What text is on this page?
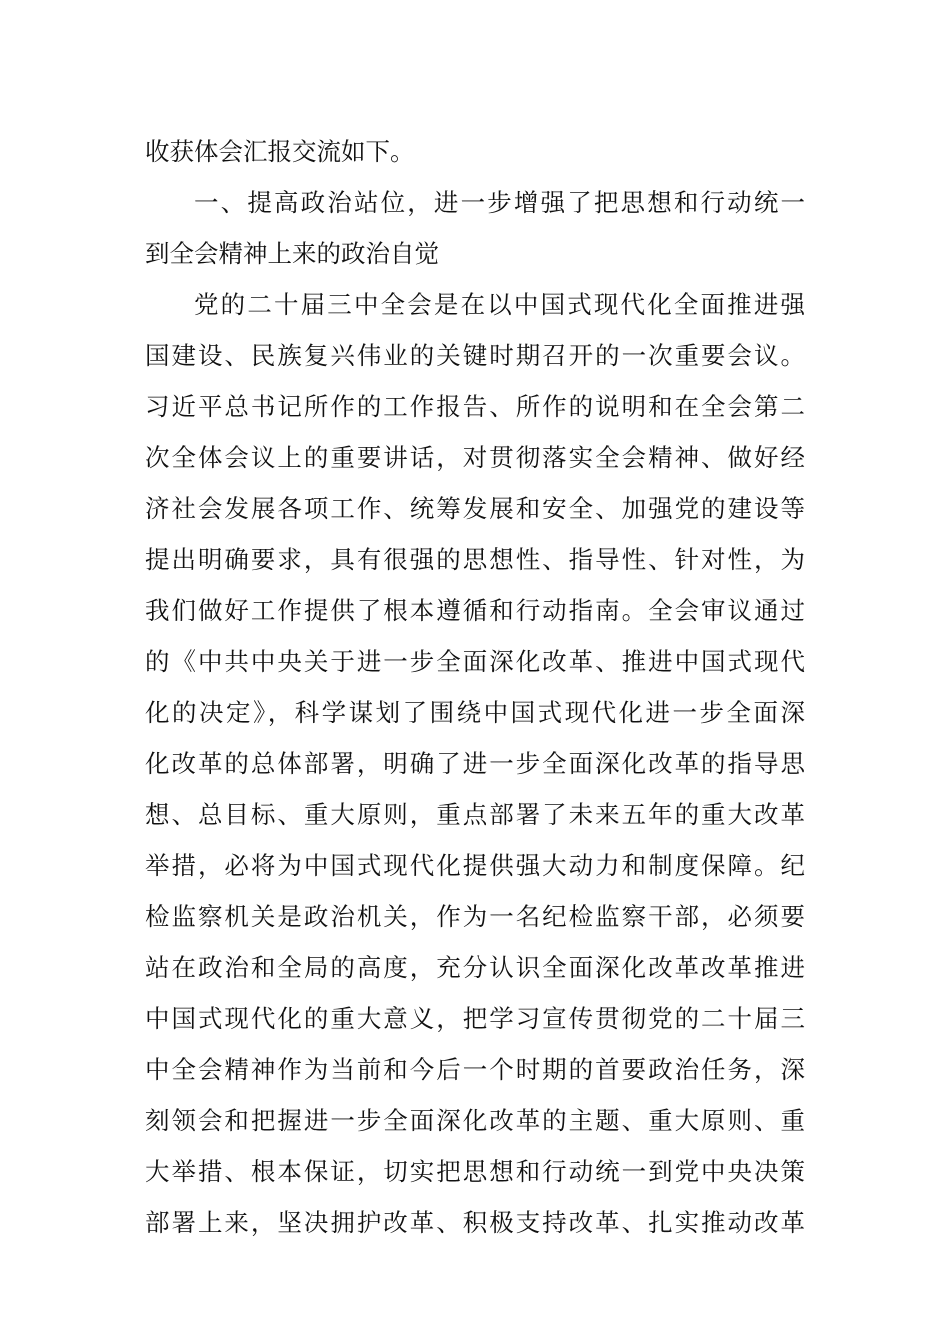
收获体会汇报交流如下。
一、提高政治站位，进一步增强了把思想和行动统一
到全会精神上来的政治自觉
党的二十届三中全会是在以中国式现代化全面推进强
国建设、民族复兴伟业的关键时期召开的一次重要会议。
习近平总书记所作的工作报告、所作的说明和在全会第二
次全体会议上的重要讲话，对贯彻落实全会精神、做好经
济社会发展各项工作、统筹发展和安全、加强党的建设等
提出明确要求，具有很强的思想性、指导性、针对性，为
我们做好工作提供了根本遵循和行动指南。全会审议通过
的《中共中央关于进一步全面深化改革、推进中国式现代
化的决定》，科学谋划了围绕中国式现代化进一步全面深
化改革的总体部署，明确了进一步全面深化改革的指导思
想、总目标、重大原则，重点部署了未来五年的重大改革
举措，必将为中国式现代化提供强大动力和制度保障。纪
检监察机关是政治机关，作为一名纪检监察干部，必须要
站在政治和全局的高度，充分认识全面深化改革改革推进
中国式现代化的重大意义，把学习宣传贯彻党的二十届三
中全会精神作为当前和今后一个时期的首要政治任务，深
刻领会和把握进一步全面深化改革的主题、重大原则、重
大举措、根本保证，切实把思想和行动统一到党中央决策
部署上来，坚决拥护改革、积极支持改革、扎实推动改革
